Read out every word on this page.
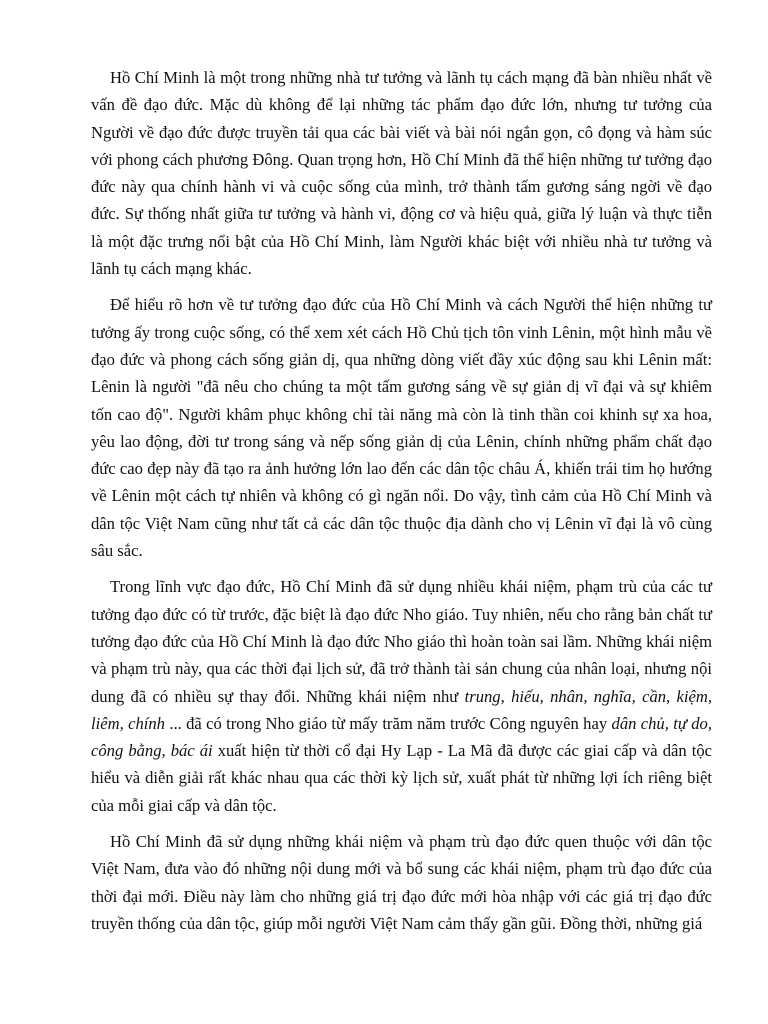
Hồ Chí Minh là một trong những nhà tư tưởng và lãnh tụ cách mạng đã bàn nhiều nhất về vấn đề đạo đức. Mặc dù không để lại những tác phẩm đạo đức lớn, nhưng tư tưởng của Người về đạo đức được truyền tải qua các bài viết và bài nói ngắn gọn, cô đọng và hàm súc với phong cách phương Đông. Quan trọng hơn, Hồ Chí Minh đã thể hiện những tư tưởng đạo đức này qua chính hành vi và cuộc sống của mình, trở thành tấm gương sáng ngời về đạo đức. Sự thống nhất giữa tư tưởng và hành vi, động cơ và hiệu quả, giữa lý luận và thực tiễn là một đặc trưng nổi bật của Hồ Chí Minh, làm Người khác biệt với nhiều nhà tư tưởng và lãnh tụ cách mạng khác.

Để hiểu rõ hơn về tư tưởng đạo đức của Hồ Chí Minh và cách Người thể hiện những tư tưởng ấy trong cuộc sống, có thể xem xét cách Hồ Chủ tịch tôn vinh Lênin, một hình mẫu về đạo đức và phong cách sống giản dị, qua những dòng viết đầy xúc động sau khi Lênin mất: Lênin là người "đã nêu cho chúng ta một tấm gương sáng về sự giản dị vĩ đại và sự khiêm tốn cao độ". Người khâm phục không chỉ tài năng mà còn là tinh thần coi khinh sự xa hoa, yêu lao động, đời tư trong sáng và nếp sống giản dị của Lênin, chính những phẩm chất đạo đức cao đẹp này đã tạo ra ảnh hưởng lớn lao đến các dân tộc châu Á, khiến trái tim họ hướng về Lênin một cách tự nhiên và không có gì ngăn nổi. Do vậy, tình cảm của Hồ Chí Minh và dân tộc Việt Nam cũng như tất cả các dân tộc thuộc địa dành cho vị Lênin vĩ đại là vô cùng sâu sắc.

Trong lĩnh vực đạo đức, Hồ Chí Minh đã sử dụng nhiều khái niệm, phạm trù của các tư tưởng đạo đức có từ trước, đặc biệt là đạo đức Nho giáo. Tuy nhiên, nếu cho rằng bản chất tư tưởng đạo đức của Hồ Chí Minh là đạo đức Nho giáo thì hoàn toàn sai lầm. Những khái niệm và phạm trù này, qua các thời đại lịch sử, đã trở thành tài sản chung của nhân loại, nhưng nội dung đã có nhiều sự thay đổi. Những khái niệm như trung, hiếu, nhân, nghĩa, cần, kiệm, liêm, chính ... đã có trong Nho giáo từ mấy trăm năm trước Công nguyên hay dân chủ, tự do, công bằng, bác ái xuất hiện từ thời cổ đại Hy Lạp - La Mã đã được các giai cấp và dân tộc hiểu và diễn giải rất khác nhau qua các thời kỳ lịch sử, xuất phát từ những lợi ích riêng biệt của mỗi giai cấp và dân tộc.

Hồ Chí Minh đã sử dụng những khái niệm và phạm trù đạo đức quen thuộc với dân tộc Việt Nam, đưa vào đó những nội dung mới và bổ sung các khái niệm, phạm trù đạo đức của thời đại mới. Điều này làm cho những giá trị đạo đức mới hòa nhập với các giá trị đạo đức truyền thống của dân tộc, giúp mỗi người Việt Nam cảm thấy gần gũi. Đồng thời, những giá
